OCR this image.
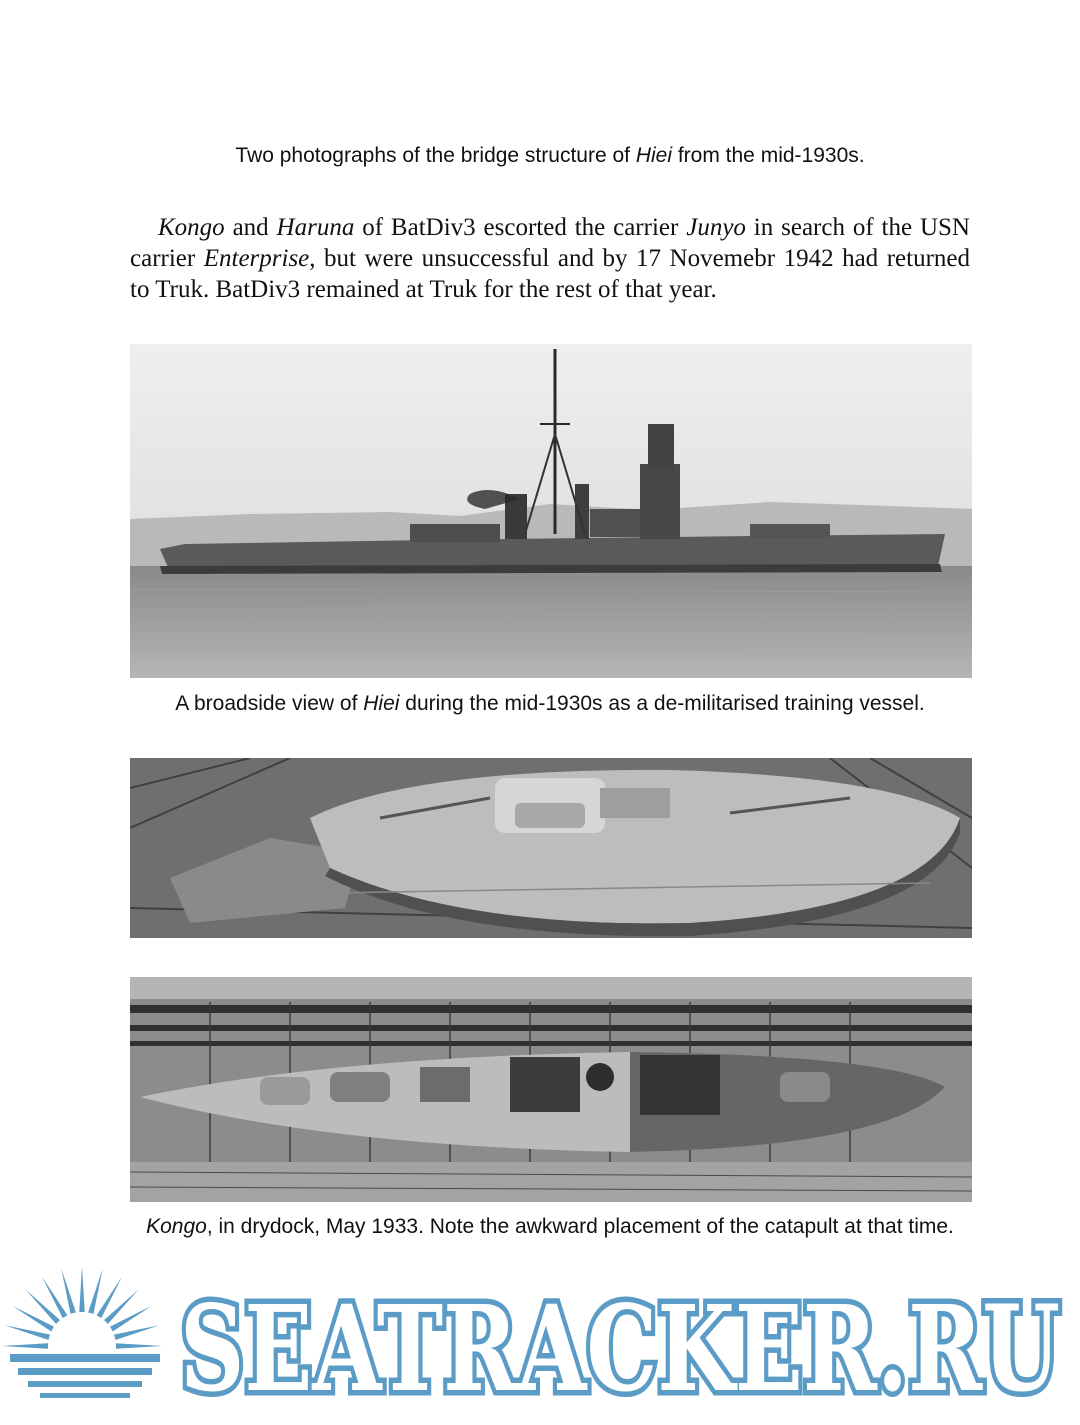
Two photographs of the bridge structure of Hiei from the mid-1930s.

Kongo and Haruna of BatDiv3 escorted the carrier Junyo in search of the USN carrier Enterprise, but were unsuccessful and by 17 Novemebr 1942 had returned to Truk. BatDiv3 remained at Truk for the rest of that year.

A broadside view of Hiei during the mid-1930s as a de-militarised training vessel.
Kongo, in drydock, May 1933. Note the awkward placement of the catapult at that time.
SEATRACKER.RU
